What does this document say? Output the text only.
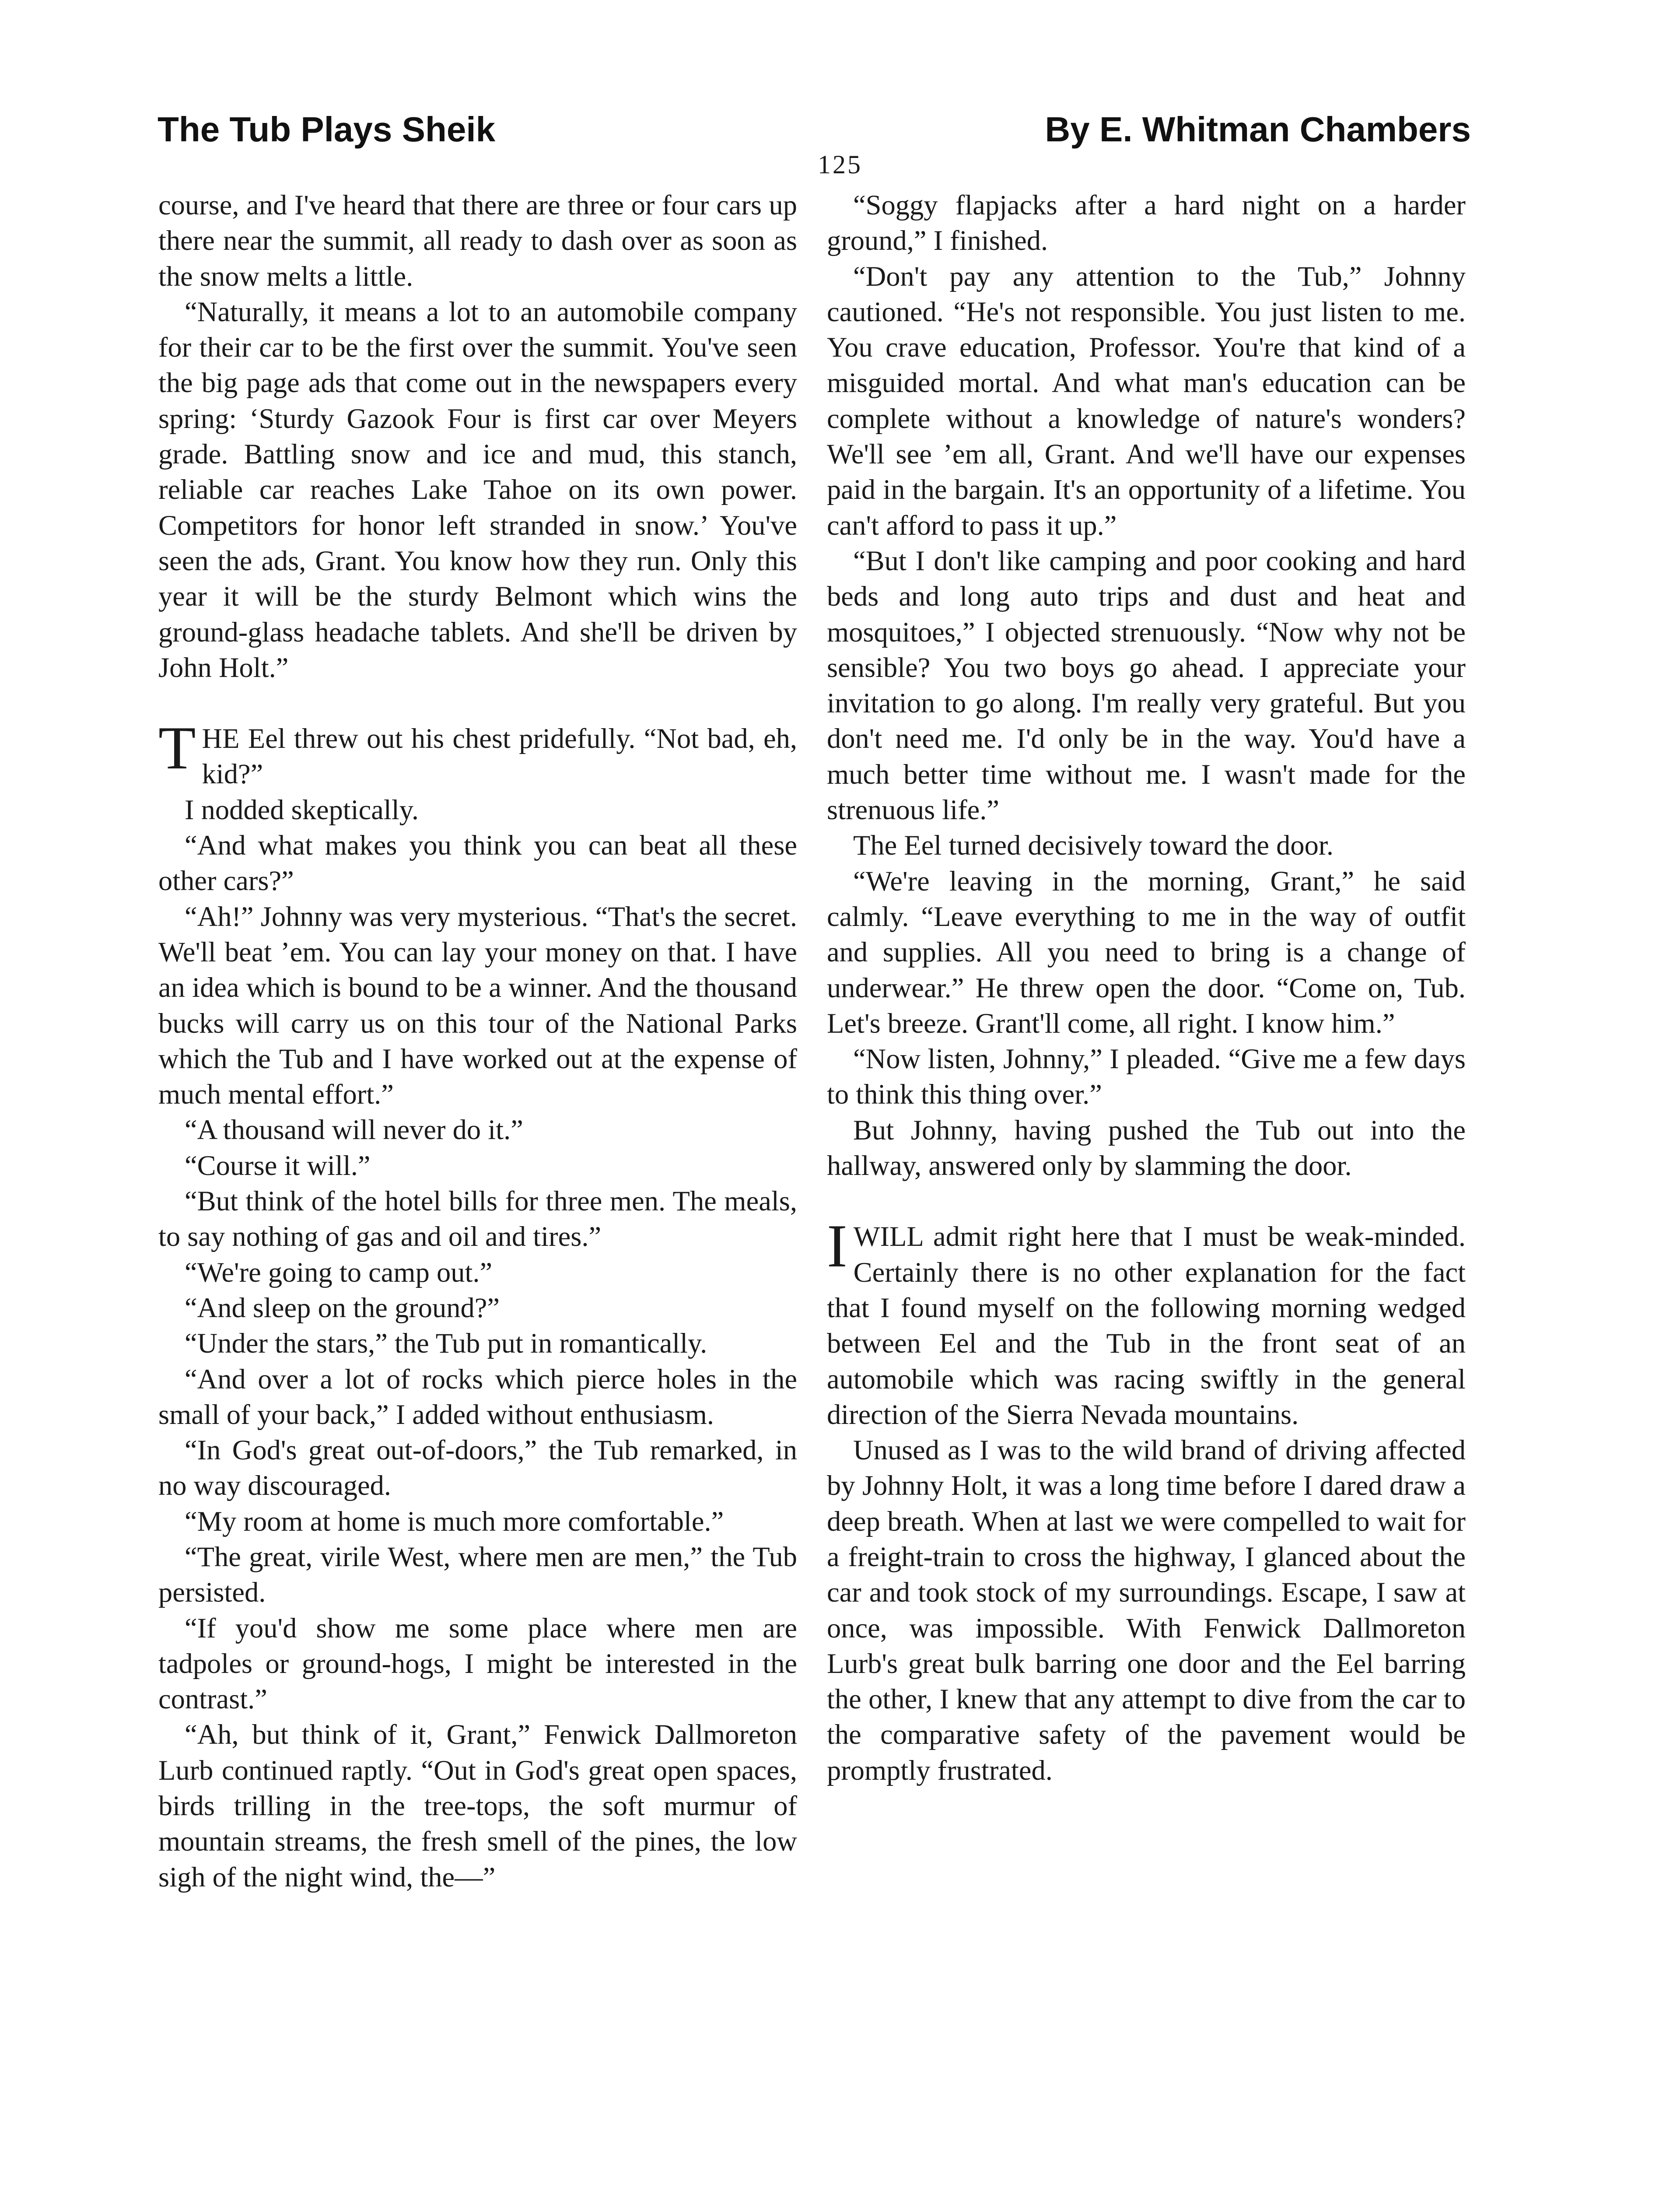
The Tub Plays Sheik	By E. Whitman Chambers
125

course, and I've heard that there are three or four cars up there near the summit, all ready to dash over as soon as the snow melts a little.

“Naturally, it means a lot to an automobile company for their car to be the first over the summit. You've seen the big page ads that come out in the newspapers every spring: ‘Sturdy Gazook Four is first car over Meyers grade. Battling snow and ice and mud, this stanch, reliable car reaches Lake Tahoe on its own power. Competitors for honor left stranded in snow.’ You've seen the ads, Grant. You know how they run. Only this year it will be the sturdy Belmont which wins the ground-glass headache tablets. And she'll be driven by John Holt.”

THE Eel threw out his chest pridefully. “Not bad, eh, kid?”

I nodded skeptically.

“And what makes you think you can beat all these other cars?”

“Ah!” Johnny was very mysterious. “That's the secret. We'll beat ’em. You can lay your money on that. I have an idea which is bound to be a winner. And the thousand bucks will carry us on this tour of the National Parks which the Tub and I have worked out at the expense of much mental effort.”

“A thousand will never do it.”

“Course it will.”

“But think of the hotel bills for three men. The meals, to say nothing of gas and oil and tires.”

“We're going to camp out.”

“And sleep on the ground?”

“Under the stars,” the Tub put in romantically.

“And over a lot of rocks which pierce holes in the small of your back,” I added without enthusiasm.

“In God's great out-of-doors,” the Tub remarked, in no way discouraged.

“My room at home is much more comfortable.”

“The great, virile West, where men are men,” the Tub persisted.

“If you'd show me some place where men are tadpoles or ground-hogs, I might be interested in the contrast.”

“Ah, but think of it, Grant,” Fenwick Dallmoreton Lurb continued raptly. “Out in God's great open spaces, birds trilling in the tree-tops, the soft murmur of mountain streams, the fresh smell of the pines, the low sigh of the night wind, the—”

“Soggy flapjacks after a hard night on a harder ground,” I finished.

“Don't pay any attention to the Tub,” Johnny cautioned. “He's not responsible. You just listen to me. You crave education, Professor. You're that kind of a misguided mortal. And what man's education can be complete without a knowledge of nature's wonders? We'll see ’em all, Grant. And we'll have our expenses paid in the bargain. It's an opportunity of a lifetime. You can't afford to pass it up.”

“But I don't like camping and poor cooking and hard beds and long auto trips and dust and heat and mosquitoes,” I objected strenuously. “Now why not be sensible? You two boys go ahead. I appreciate your invitation to go along. I'm really very grateful. But you don't need me. I'd only be in the way. You'd have a much better time without me. I wasn't made for the strenuous life.”

The Eel turned decisively toward the door.

“We're leaving in the morning, Grant,” he said calmly. “Leave everything to me in the way of outfit and supplies. All you need to bring is a change of underwear.” He threw open the door. “Come on, Tub. Let's breeze. Grant'll come, all right. I know him.”

“Now listen, Johnny,” I pleaded. “Give me a few days to think this thing over.”

But Johnny, having pushed the Tub out into the hallway, answered only by slamming the door.

IWILL admit right here that I must be weak-minded. Certainly there is no other explanation for the fact that I found myself on the following morning wedged between Eel and the Tub in the front seat of an automobile which was racing swiftly in the general direction of the Sierra Nevada mountains.

Unused as I was to the wild brand of driving affected by Johnny Holt, it was a long time before I dared draw a deep breath. When at last we were compelled to wait for a freight-train to cross the highway, I glanced about the car and took stock of my surroundings. Escape, I saw at once, was impossible. With Fenwick Dallmoreton Lurb's great bulk barring one door and the Eel barring the other, I knew that any attempt to dive from the car to the comparative safety of the pavement would be promptly frustrated.
